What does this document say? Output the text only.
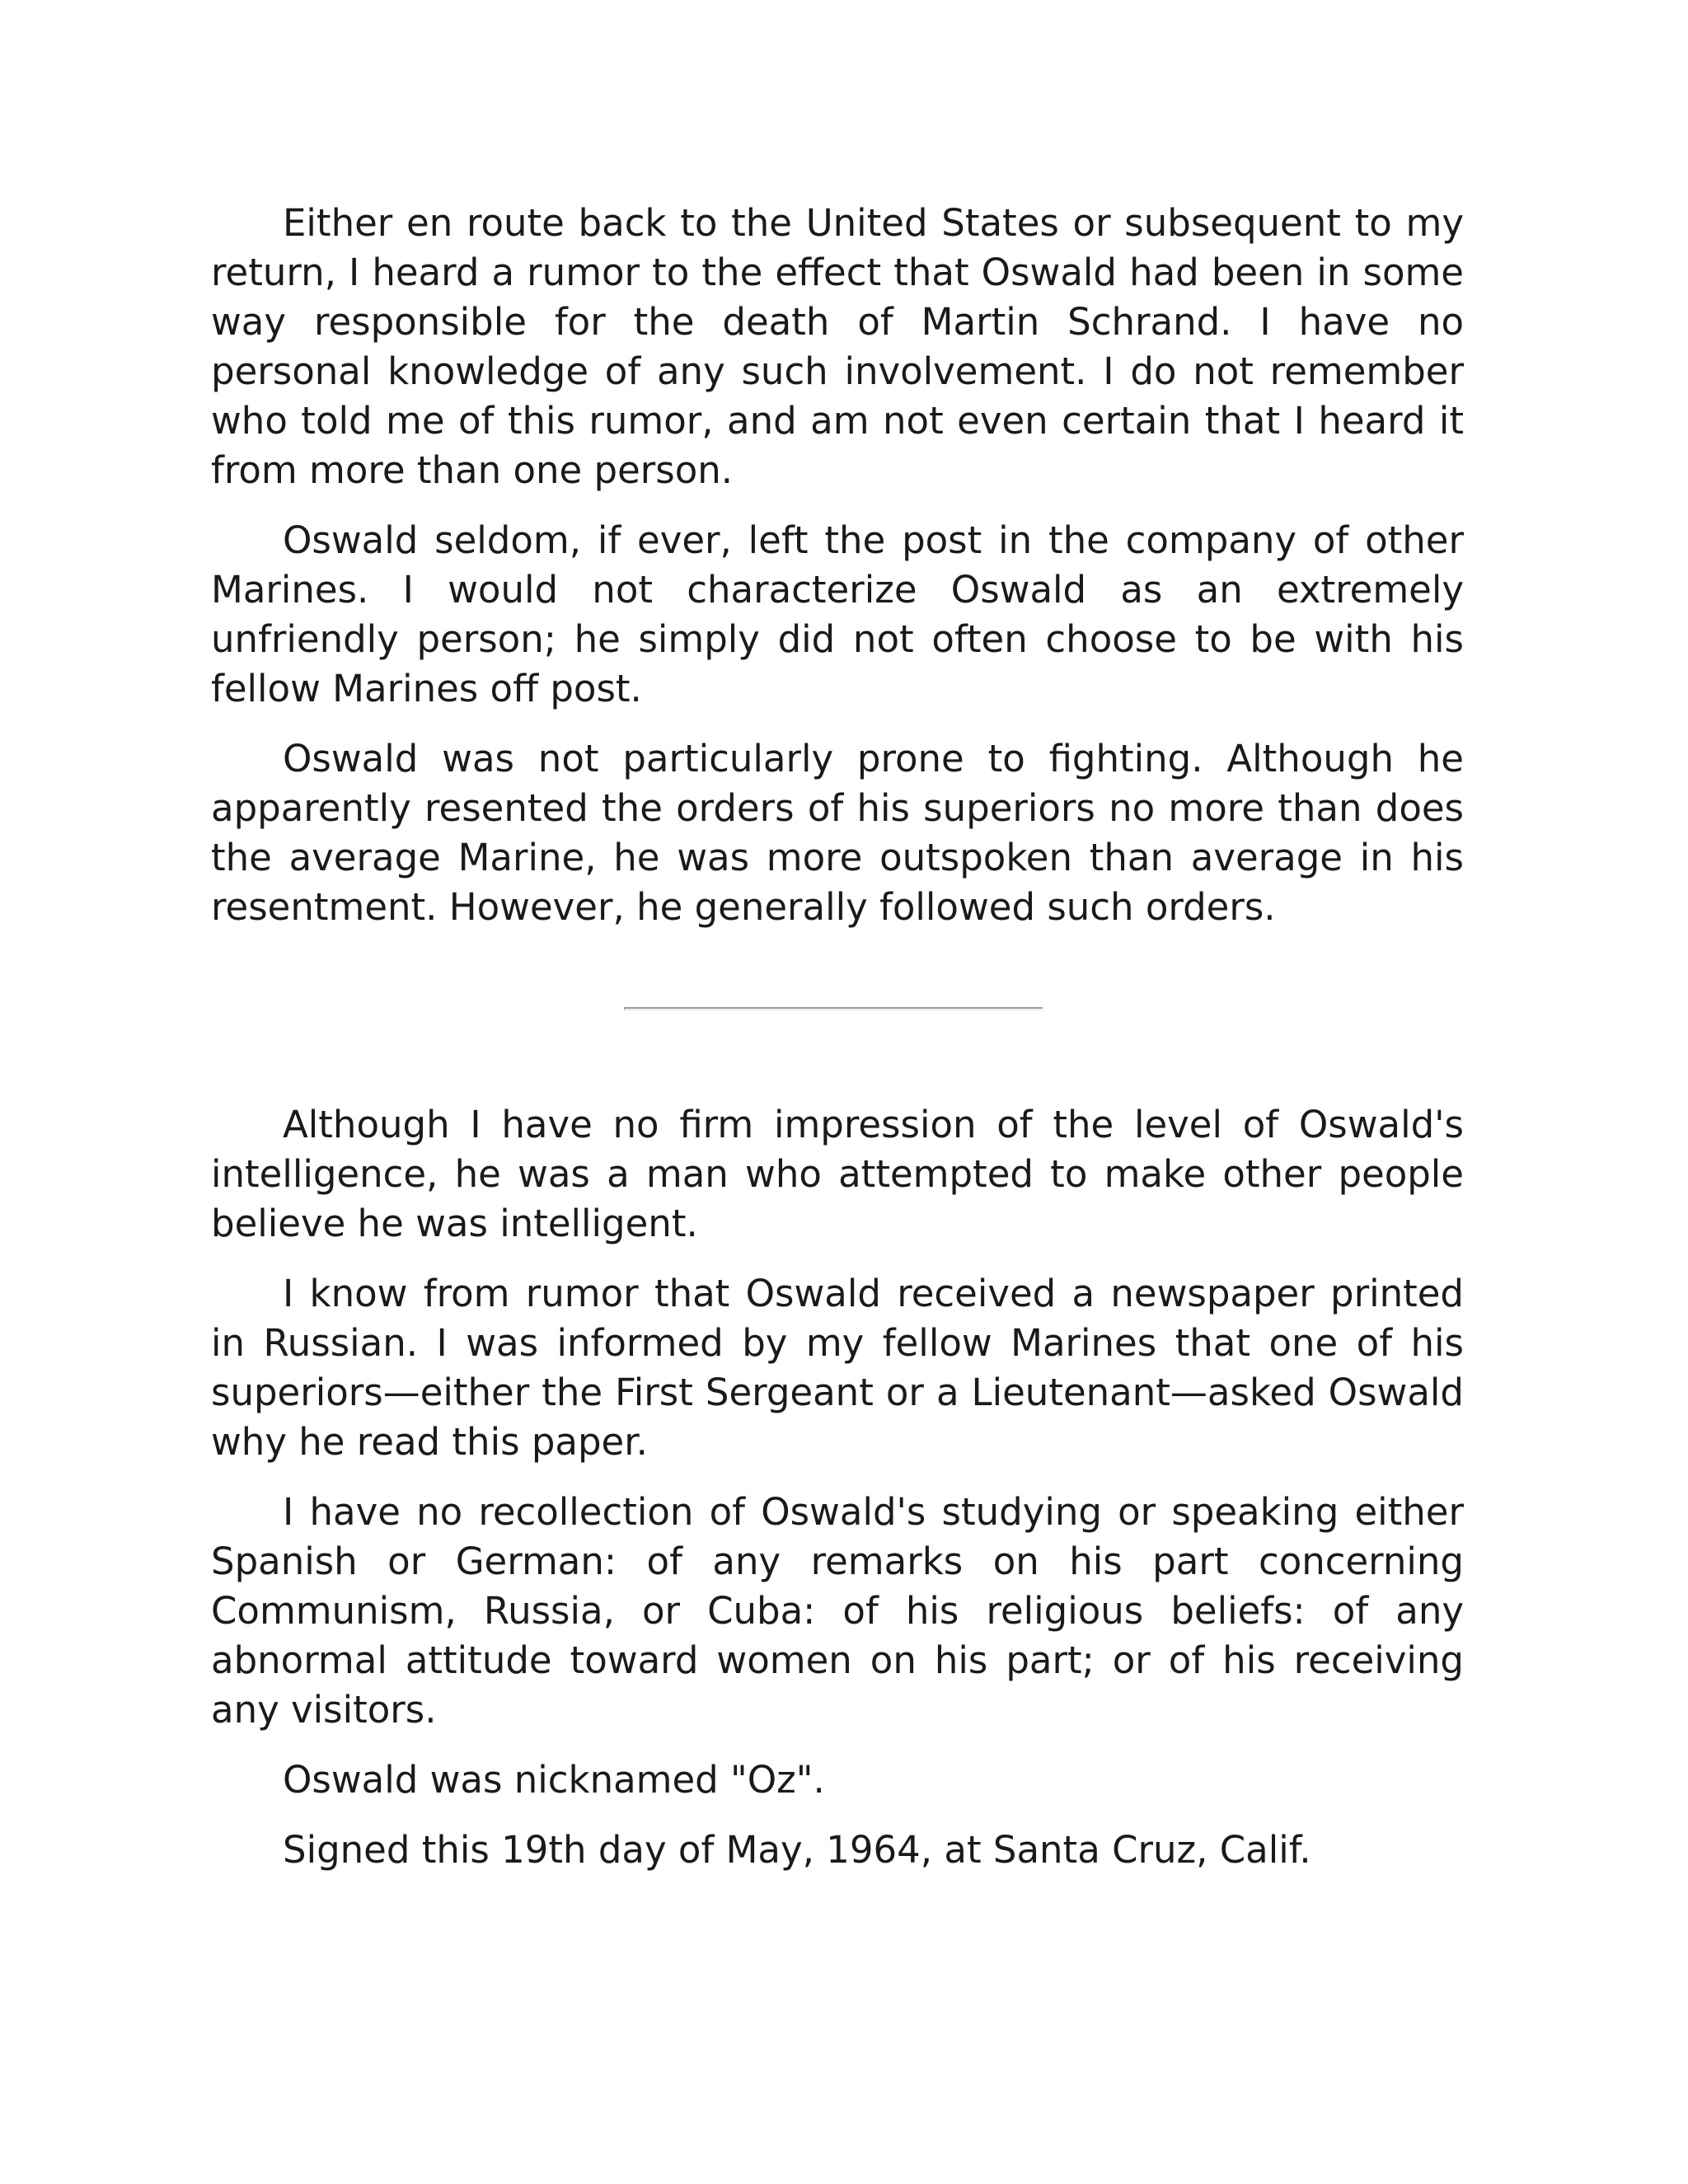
Either en route back to the United States or subsequent to my return, I heard a rumor to the effect that Oswald had been in some way responsible for the death of Martin Schrand. I have no personal knowledge of any such involvement. I do not remember who told me of this rumor, and am not even certain that I heard it from more than one person.

Oswald seldom, if ever, left the post in the company of other Marines. I would not characterize Oswald as an extremely unfriendly person; he simply did not often choose to be with his fellow Marines off post.

Oswald was not particularly prone to fighting. Although he apparently resented the orders of his superiors no more than does the average Marine, he was more outspoken than average in his resentment. However, he generally followed such orders.

Although I have no firm impression of the level of Oswald's intelligence, he was a man who attempted to make other people believe he was intelligent.

I know from rumor that Oswald received a newspaper printed in Russian. I was informed by my fellow Marines that one of his superiors—either the First Sergeant or a Lieutenant—asked Oswald why he read this paper.

I have no recollection of Oswald's studying or speaking either Spanish or German: of any remarks on his part concerning Communism, Russia, or Cuba: of his religious beliefs: of any abnormal attitude toward women on his part; or of his receiving any visitors.

Oswald was nicknamed "Oz".

Signed this 19th day of May, 1964, at Santa Cruz, Calif.
